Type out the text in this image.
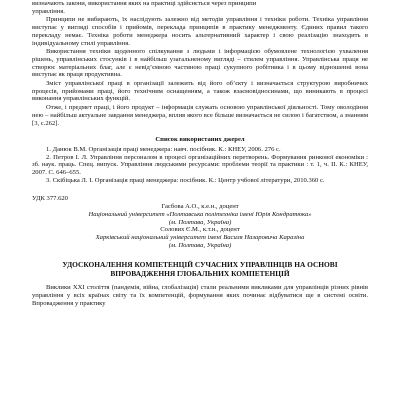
визначають закони, використання яких на практиці здійснється через принципи

управління.

Принципи не вибирають, їх наслідують залежно від методів управління і техніки роботи. Техніка управління виступає у вигляді способів і прийомів, переклада принципів в практику менеджменту. Єдиних правил такого перекладу немає. Техніка роботи менеджера носить альтернативний характер і свою реалізацію знаходить в індивідуальному стилі управління.

Використання техніки щоденного спілкування з людьми і інформацією обумовлене технологією ухвалення рішень, управлінських стосунків і в найбільш узагальненому вигляді – стилем управління. Управлінська праця не створює матеріальних благ, але є невід’ємною частиною праці сукупного робітника і в цьому відношенні вона виступає як праця продуктивна.

Зміст управлінської праці в організації залежить від його об’єкту і визначається структурою виробничих процесів, прийомами праці, його технічним оснащенням, а також взаємовідносинами, що виникають в процесі виконання управлінських функцій.

Отже, і предмет праці, і його продукт – інформація служать основою управлінської діяльності. Тому оволодіння нею – найбільш актуальне завдання менеджера, вплив якого все більше визначається не силою і багатством, а знанням [3, с.262].

Список використаних джерел

1. Данюк В.М. Організація праці менеджера: навч. посібник. К.: КНЕУ, 2006. 276 с.

2. Петров І. Л. Управління персоналом в процесі організаційних перетворень. Формування ринкової економіки : зб. наук. праць. Спец. випуск. Управління людськими ресурсами: проблеми теорії та практики : т. 1, ч. ІІ. К.: КНЕУ, 2007. С. 646–655.

3. Скібіцька Л. І. Організація праці менеджера: посібник. К.: Центр учбової літератури, 2010.360 с.

УДК 377.620

Гасбова А.О., к.е.н., доцент

Національний університет «Полтавська політехніка імені Юрія Кондратюка»

(м. Полтава, Україна)

Солових Є.М., к.т.н., доцент

Харківський національний університет імені Василя Назаровича Каразіна

(м. Полтава, Україна)

УДОСКОНАЛЕННЯ КОМПЕТЕНЦІЙ СУЧАСНИХ УПРАВЛІНЦІВ НА ОСНОВІ
ВПРОВАДЖЕННЯ ГЛОБАЛЬНИХ КОМПЕТЕНЦІЙ

Виклики XXI століття (пандемія, війна, глобалізація) стали реальними викликами для управлінців різних рівнів управління у всіх країнах світу та їх компетенцій, формування яких починає відбуватися ще в системі освіти. Впровадження у практику
